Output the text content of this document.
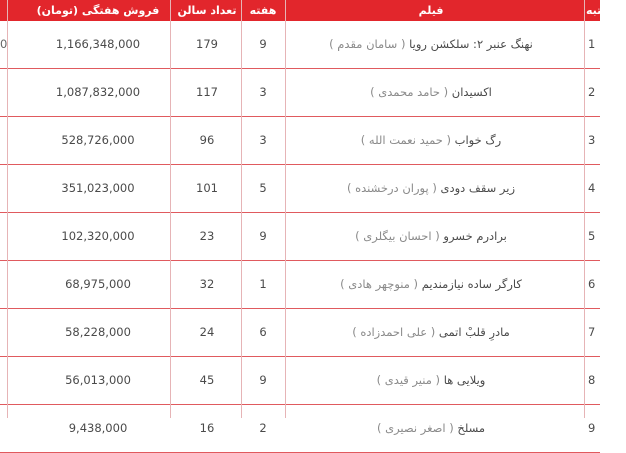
فروش هفتگی (تومان)	تعداد سالن	هفته	فیلم	رتبه
0	1,166,348,000	179	9	نهنگ عنبر ۲: سلکشن رویا ( سامان مقدم )	1
1,087,832,000	117	3	اکسیدان ( حامد محمدی )	2
528,726,000	96	3	رگ خواب ( حمید نعمت الله )	3
351,023,000	101	5	زیر سقف دودی ( پوران درخشنده )	4
102,320,000	23	9	برادرم خسرو ( احسان بیگلری )	5
68,975,000	32	1	کارگر ساده نیازمندیم ( منوچهر هادی )	6
58,228,000	24	6	مادرِ قلبْ اتمی ( علی احمدزاده )	7
56,013,000	45	9	ویلایی ها ( منیر قیدی )	8
9,438,000	16	2	مسلخ ( اصغر نصیری )	9
